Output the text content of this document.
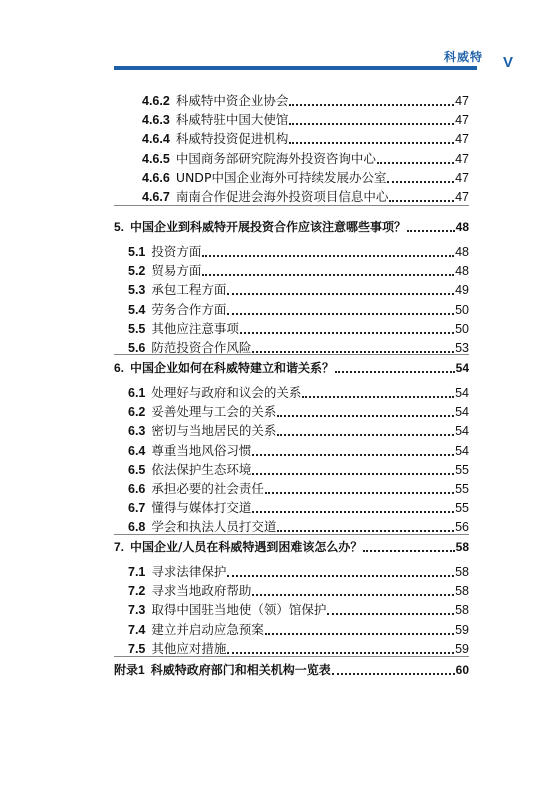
科威特 V
4.6.2 科威特中资企业协会	47
4.6.3 科威特驻中国大使馆	47
4.6.4 科威特投资促进机构	47
4.6.5 中国商务部研究院海外投资咨询中心	47
4.6.6 UNDP中国企业海外可持续发展办公室	47
4.6.7 南南合作促进会海外投资项目信息中心	47
5. 中国企业到科威特开展投资合作应该注意哪些事项？	48
5.1 投资方面	48
5.2 贸易方面	48
5.3 承包工程方面	49
5.4 劳务合作方面	50
5.5 其他应注意事项	50
5.6 防范投资合作风险	53
6. 中国企业如何在科威特建立和谐关系？	54
6.1 处理好与政府和议会的关系	54
6.2 妥善处理与工会的关系	54
6.3 密切与当地居民的关系	54
6.4 尊重当地风俗习惯	54
6.5 依法保护生态环境	55
6.6 承担必要的社会责任	55
6.7 懂得与媒体打交道	55
6.8 学会和执法人员打交道	56
7. 中国企业/人员在科威特遇到困难该怎么办？	58
7.1 寻求法律保护	58
7.2 寻求当地政府帮助	58
7.3 取得中国驻当地使（领）馆保护	58
7.4 建立并启动应急预案	59
7.5 其他应对措施	59
附录1 科威特政府部门和相关机构一览表	60
